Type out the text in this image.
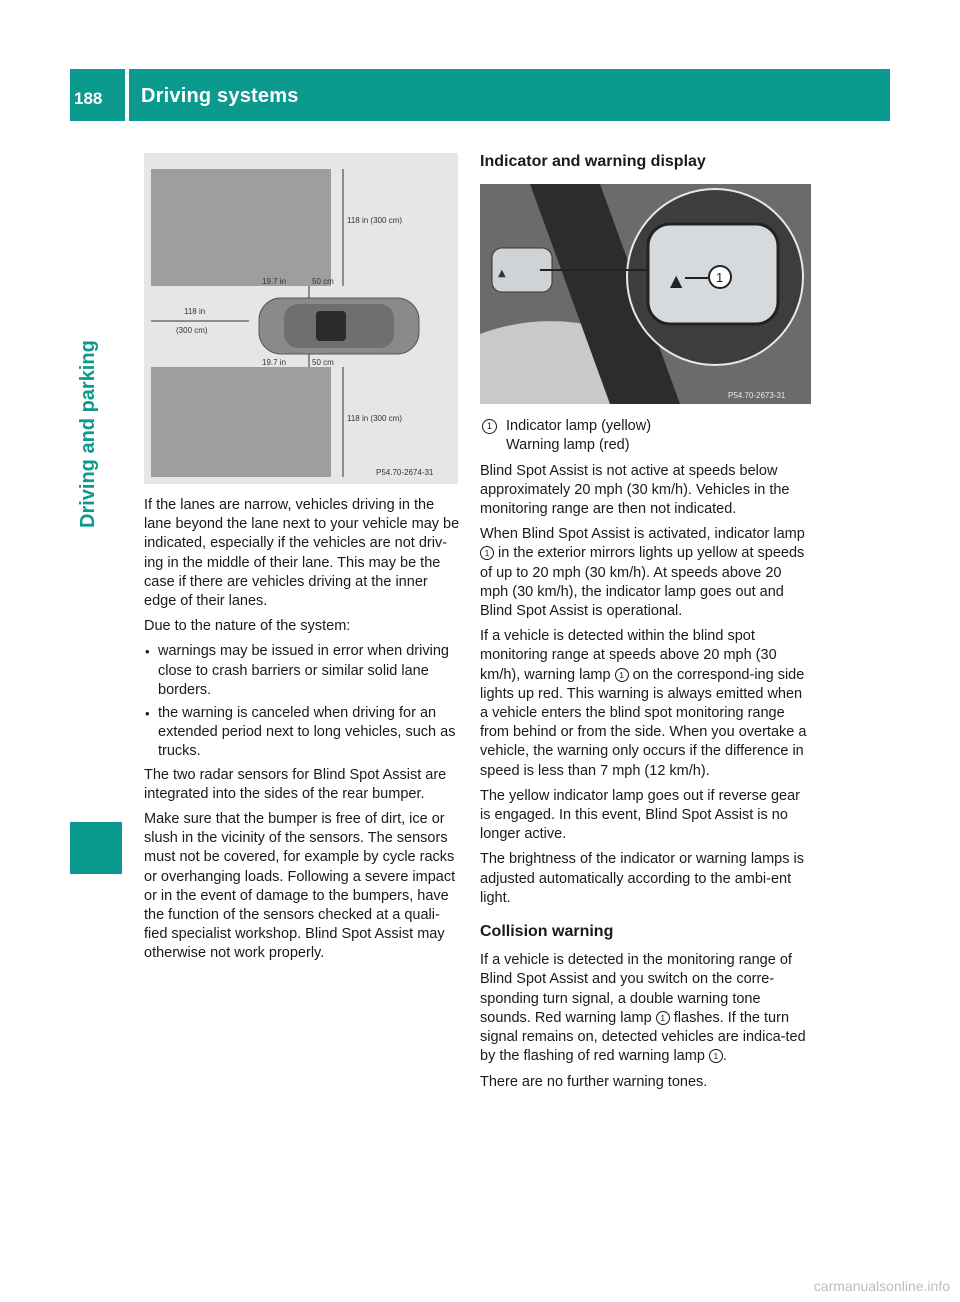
188	Driving systems
Driving and parking
118 in (300 cm)
19.7 in	50 cm
118 in
(300 cm)
19.7 in	50 cm
118 in (300 cm)
P54.70-2674-31

If the lanes are narrow, vehicles driving in the lane beyond the lane next to your vehicle may be indicated, especially if the vehicles are not driv-ing in the middle of their lane. This may be the case if there are vehicles driving at the inner edge of their lanes.

Due to the nature of the system:

• warnings may be issued in error when driving close to crash barriers or similar solid lane borders.
• the warning is canceled when driving for an extended period next to long vehicles, such as trucks.

The two radar sensors for Blind Spot Assist are integrated into the sides of the rear bumper.

Make sure that the bumper is free of dirt, ice or slush in the vicinity of the sensors. The sensors must not be covered, for example by cycle racks or overhanging loads. Following a severe impact or in the event of damage to the bumpers, have the function of the sensors checked at a quali-fied specialist workshop. Blind Spot Assist may otherwise not work properly.

Indicator and warning display
1 Indicator lamp (yellow)
Warning lamp (red)

Blind Spot Assist is not active at speeds below approximately 20 mph (30 km/h). Vehicles in the monitoring range are then not indicated.

When Blind Spot Assist is activated, indicator lamp 1 in the exterior mirrors lights up yellow at speeds of up to 20 mph (30 km/h). At speeds above 20 mph (30 km/h), the indicator lamp goes out and Blind Spot Assist is operational.

If a vehicle is detected within the blind spot monitoring range at speeds above 20 mph (30 km/h), warning lamp 1 on the correspond-ing side lights up red. This warning is always emitted when a vehicle enters the blind spot monitoring range from behind or from the side. When you overtake a vehicle, the warning only occurs if the difference in speed is less than 7 mph (12 km/h).

The yellow indicator lamp goes out if reverse gear is engaged. In this event, Blind Spot Assist is no longer active.

The brightness of the indicator or warning lamps is adjusted automatically according to the ambi-ent light.

Collision warning

If a vehicle is detected in the monitoring range of Blind Spot Assist and you switch on the corre-sponding turn signal, a double warning tone sounds. Red warning lamp 1 flashes. If the turn signal remains on, detected vehicles are indica-ted by the flashing of red warning lamp 1 .

There are no further warning tones.

▲	▲	1
P54.70-2673-31
carmanualsonline.info
